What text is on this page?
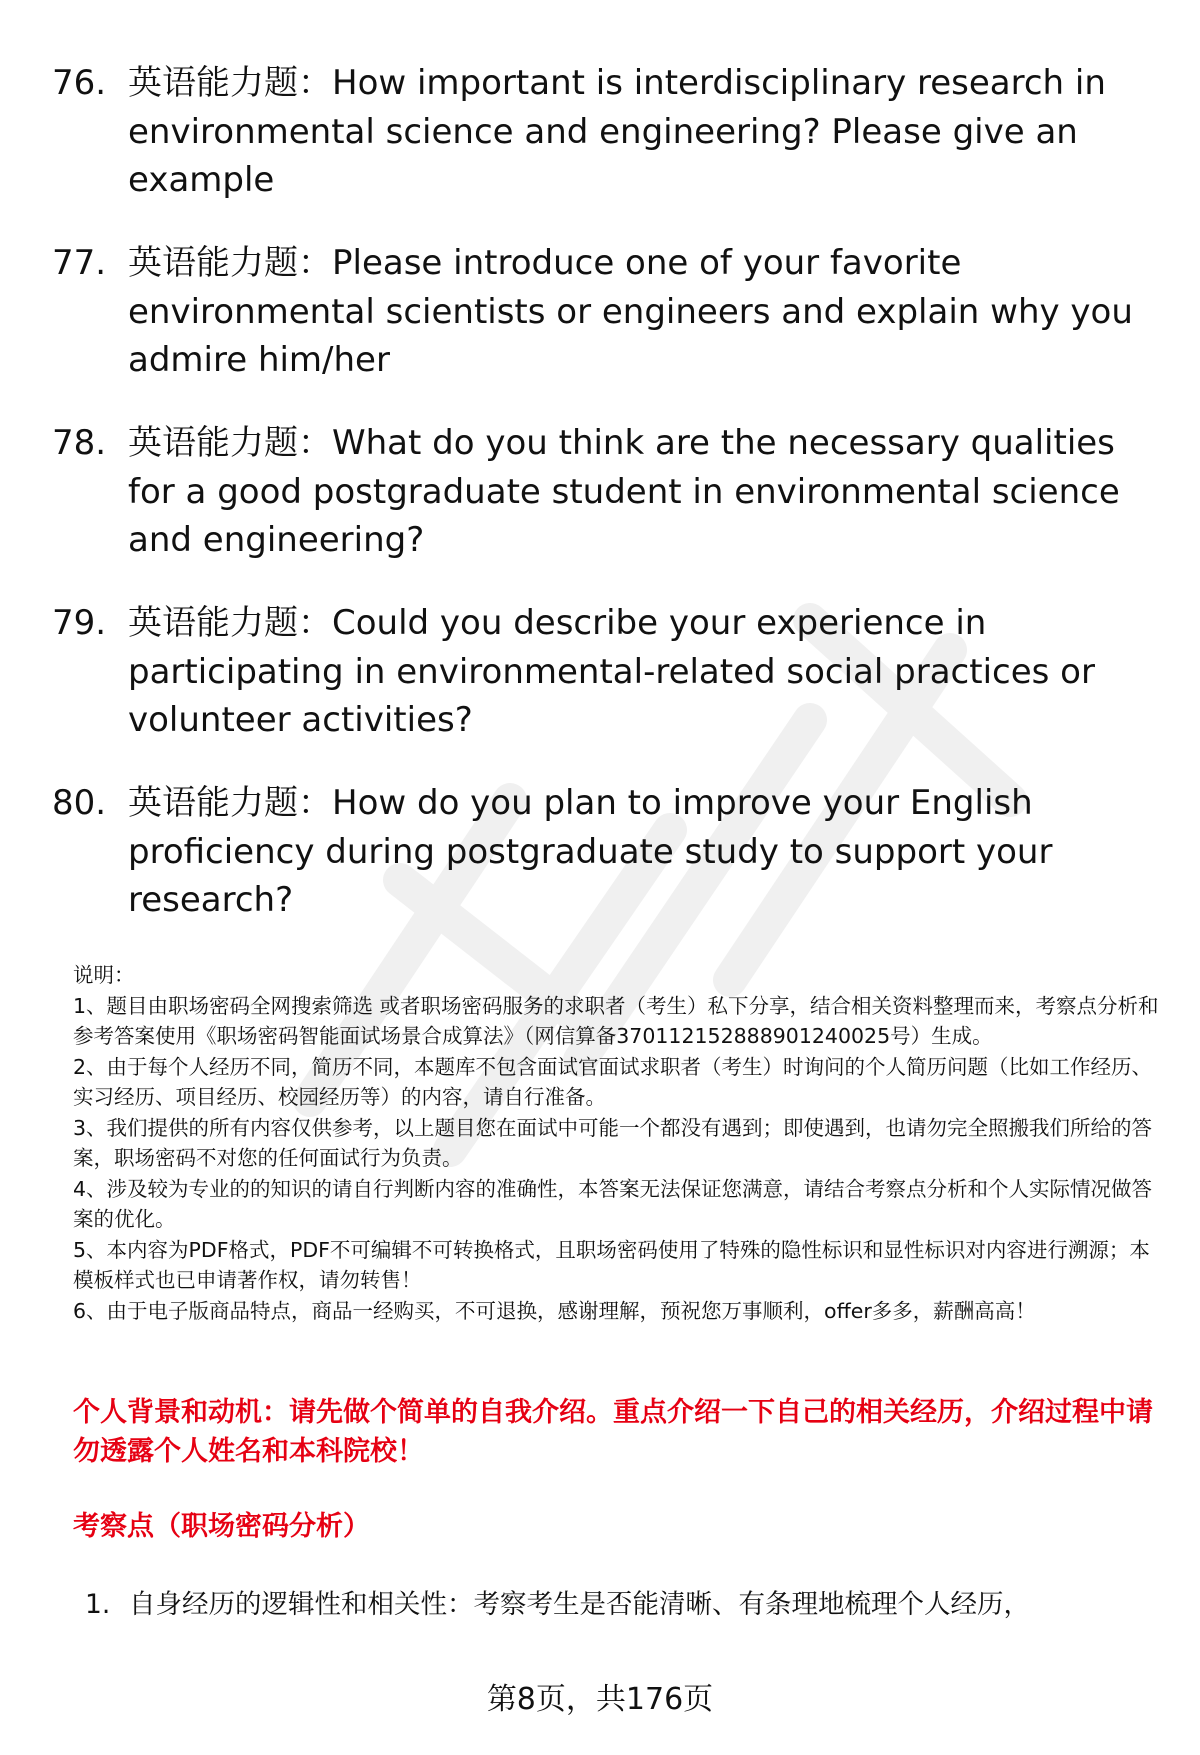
76. 英语能力题：How important is interdisciplinary research in environmental science and engineering? Please give an example
77. 英语能力题：Please introduce one of your favorite environmental scientists or engineers and explain why you admire him/her
78. 英语能力题：What do you think are the necessary qualities for a good postgraduate student in environmental science and engineering?
79. 英语能力题：Could you describe your experience in participating in environmental-related social practices or volunteer activities?
80. 英语能力题：How do you plan to improve your English proficiency during postgraduate study to support your research?

说明：

1、题目由职场密码全网搜索筛选 或者职场密码服务的求职者（考生）私下分享，结合相关资料整理而来，考察点分析和参考答案使用《职场密码智能面试场景合成算法》（网信算备370112152888901240025号）生成。

2、由于每个人经历不同，简历不同，本题库不包含面试官面试求职者（考生）时询问的个人简历问题（比如工作经历、实习经历、项目经历、校园经历等）的内容，请自行准备。

3、我们提供的所有内容仅供参考，以上题目您在面试中可能一个都没有遇到；即使遇到，也请勿完全照搬我们所给的答案，职场密码不对您的任何面试行为负责。

4、涉及较为专业的的知识的请自行判断内容的准确性，本答案无法保证您满意，请结合考察点分析和个人实际情况做答案的优化。

5、本内容为PDF格式，PDF不可编辑不可转换格式，且职场密码使用了特殊的隐性标识和显性标识对内容进行溯源；本模板样式也已申请著作权，请勿转售！

6、由于电子版商品特点，商品一经购买，不可退换，感谢理解，预祝您万事顺利，offer多多，薪酬高高！

个人背景和动机：请先做个简单的自我介绍。重点介绍一下自己的相关经历，介绍过程中请勿透露个人姓名和本科院校！
考察点（职场密码分析）
1. 自身经历的逻辑性和相关性：考察考生是否能清晰、有条理地梳理个人经历，
第8页，共176页
